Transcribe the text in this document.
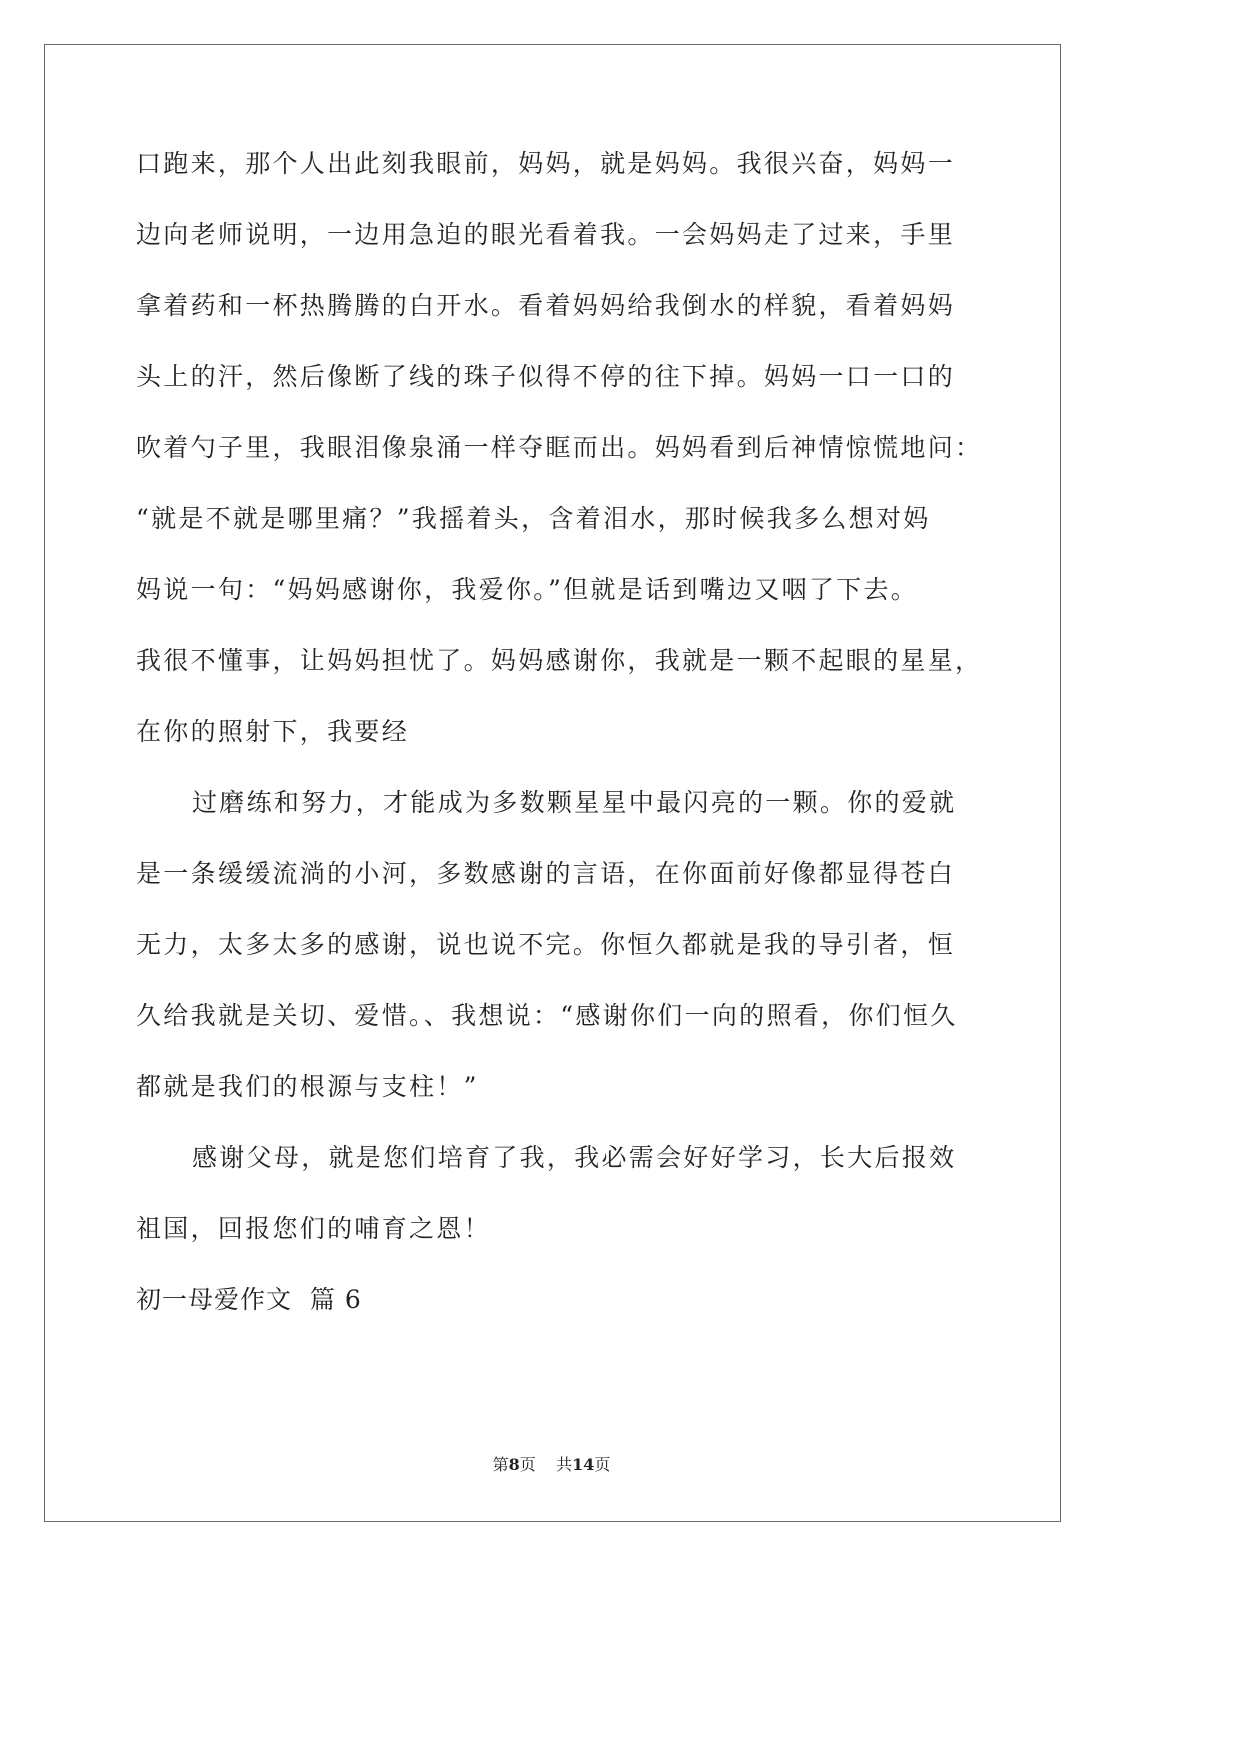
口跑来，那个人出此刻我眼前，妈妈，就是妈妈。我很兴奋，妈妈一
边向老师说明，一边用急迫的眼光看着我。一会妈妈走了过来，手里
拿着药和一杯热腾腾的白开水。看着妈妈给我倒水的样貌，看着妈妈
头上的汗，然后像断了线的珠子似得不停的往下掉。妈妈一口一口的
吹着勺子里，我眼泪像泉涌一样夺眶而出。妈妈看到后神情惊慌地问：
“就是不就是哪里痛？”我摇着头，含着泪水，那时候我多么想对妈
妈说一句：“妈妈感谢你，我爱你。”但就是话到嘴边又咽了下去。
我很不懂事，让妈妈担忧了。妈妈感谢你，我就是一颗不起眼的星星，
在你的照射下，我要经
过磨练和努力，才能成为多数颗星星中最闪亮的一颗。你的爱就
是一条缓缓流淌的小河，多数感谢的言语，在你面前好像都显得苍白
无力，太多太多的感谢，说也说不完。你恒久都就是我的导引者，恒
久给我就是关切、爱惜。、我想说：“感谢你们一向的照看，你们恒久
都就是我们的根源与支柱！”
感谢父母，就是您们培育了我，我必需会好好学习，长大后报效
祖国，回报您们的哺育之恩！
初一母爱作文  篇 6
第8页 共14页
